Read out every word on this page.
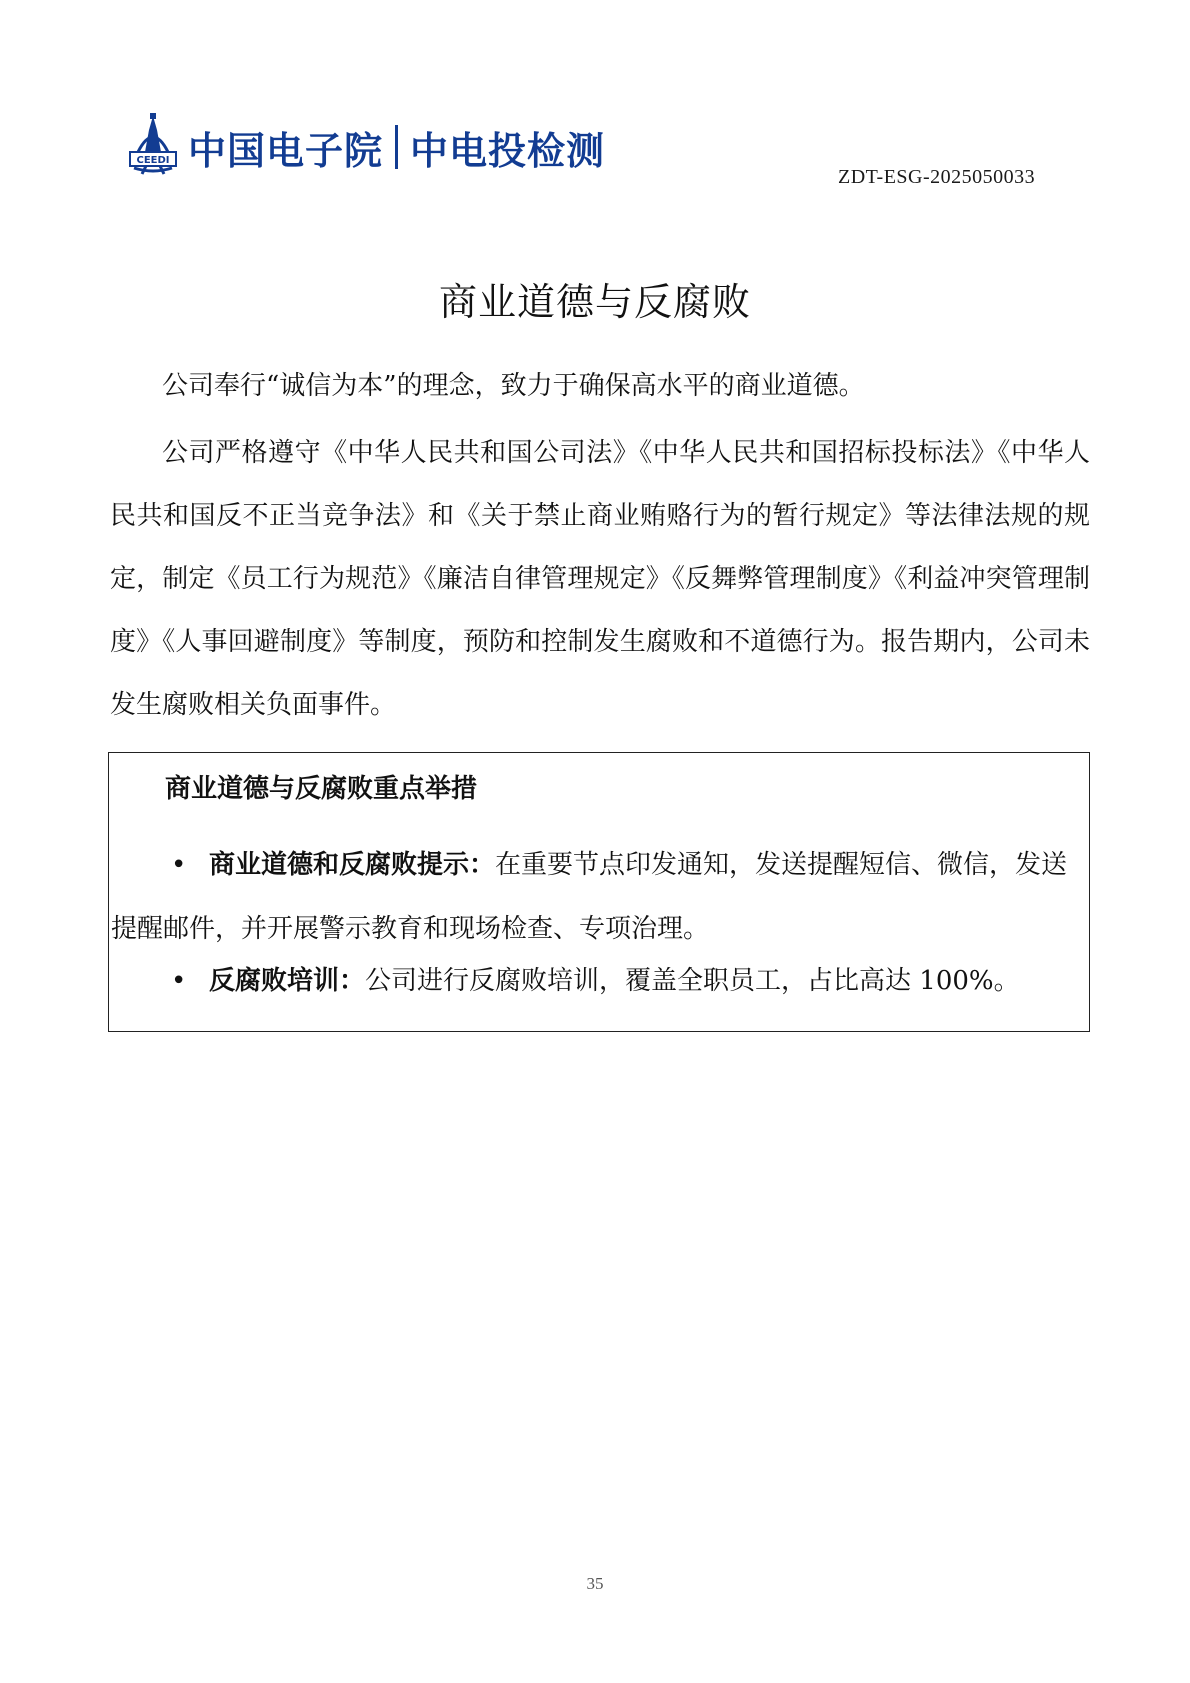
CEEDI 中国电子院 中电投检测
ZDT-ESG-2025050033
商业道德与反腐败

公司奉行“诚信为本”的理念，致力于确保高水平的商业道德。

公司严格遵守《中华人民共和国公司法》《中华人民共和国招标投标法》《中华人民共和国反不正当竞争法》和《关于禁止商业贿赂行为的暂行规定》等法律法规的规定，制定《员工行为规范》《廉洁自律管理规定》《反舞弊管理制度》《利益冲突管理制度》《人事回避制度》等制度，预防和控制发生腐败和不道德行为。报告期内，公司未发生腐败相关负面事件。

商业道德与反腐败重点举措

• 商业道德和反腐败提示：在重要节点印发通知，发送提醒短信、微信，发送提醒邮件，并开展警示教育和现场检查、专项治理。

• 反腐败培训：公司进行反腐败培训，覆盖全职员工，占比高达 100%。

35
